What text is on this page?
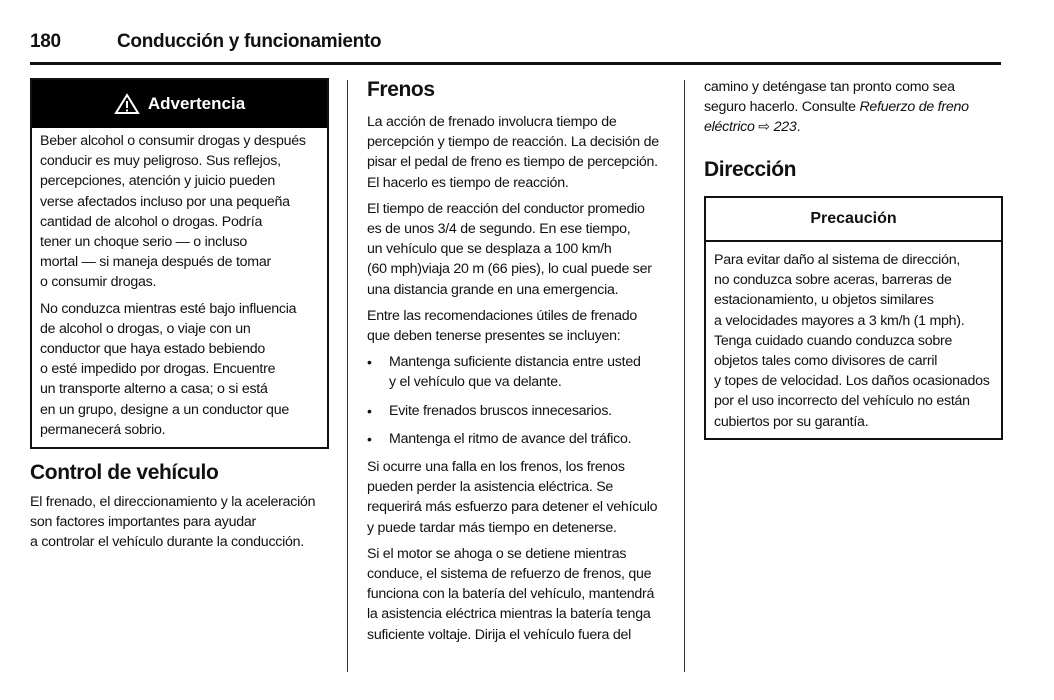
180	Conducción y funcionamiento
Advertencia
Beber alcohol o consumir drogas y después
conducir es muy peligroso. Sus reflejos,
percepciones, atención y juicio pueden
verse afectados incluso por una pequeña
cantidad de alcohol o drogas. Podría
tener un choque serio — o incluso
mortal — si maneja después de tomar
o consumir drogas.
No conduzca mientras esté bajo influencia
de alcohol o drogas, o viaje con un
conductor que haya estado bebiendo
o esté impedido por drogas. Encuentre
un transporte alterno a casa; o si está
en un grupo, designe a un conductor que
permanecerá sobrio.
Control de vehículo
El frenado, el direccionamiento y la aceleración
son factores importantes para ayudar
a controlar el vehículo durante la conducción.
Frenos
La acción de frenado involucra tiempo de
percepción y tiempo de reacción. La decisión de
pisar el pedal de freno es tiempo de percepción.
El hacerlo es tiempo de reacción.
El tiempo de reacción del conductor promedio
es de unos 3/4 de segundo. En ese tiempo,
un vehículo que se desplaza a 100 km/h
(60 mph)viaja 20 m (66 pies), lo cual puede ser
una distancia grande en una emergencia.
Entre las recomendaciones útiles de frenado
que deben tenerse presentes se incluyen:
•	Mantenga suficiente distancia entre usted
y el vehículo que va delante.
•	Evite frenados bruscos innecesarios.
•	Mantenga el ritmo de avance del tráfico.
Si ocurre una falla en los frenos, los frenos
pueden perder la asistencia eléctrica. Se
requerirá más esfuerzo para detener el vehículo
y puede tardar más tiempo en detenerse.
Si el motor se ahoga o se detiene mientras
conduce, el sistema de refuerzo de frenos, que
funciona con la batería del vehículo, mantendrá
la asistencia eléctrica mientras la batería tenga
suficiente voltaje. Dirija el vehículo fuera del
camino y deténgase tan pronto como sea
seguro hacerlo. Consulte Refuerzo de freno
eléctrico ⇨ 223.
Dirección
Precaución
Para evitar daño al sistema de dirección,
no conduzca sobre aceras, barreras de
estacionamiento, u objetos similares
a velocidades mayores a 3 km/h (1 mph).
Tenga cuidado cuando conduzca sobre
objetos tales como divisores de carril
y topes de velocidad. Los daños ocasionados
por el uso incorrecto del vehículo no están
cubiertos por su garantía.
